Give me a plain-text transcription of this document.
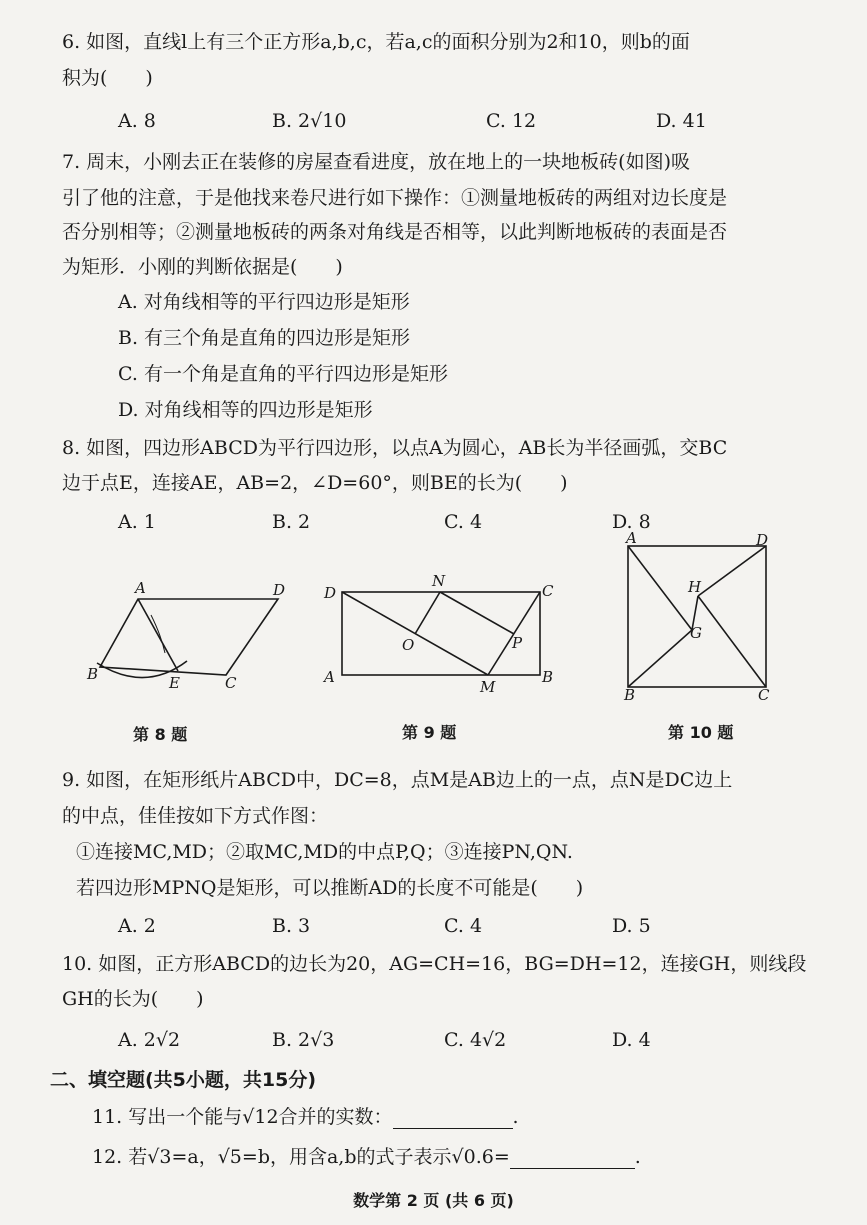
6. 如图，直线l上有三个正方形a,b,c，若a,c的面积分别为2和10，则b的面
积为(　　)
A. 8	B. 2√10	C. 12	D. 41
7. 周末，小刚去正在装修的房屋查看进度，放在地上的一块地板砖(如图)吸
引了他的注意，于是他找来卷尺进行如下操作：①测量地板砖的两组对边长度是
否分别相等；②测量地板砖的两条对角线是否相等，以此判断地板砖的表面是否
为矩形．小刚的判断依据是(　　)
A. 对角线相等的平行四边形是矩形
B. 有三个角是直角的四边形是矩形
C. 有一个角是直角的平行四边形是矩形
D. 对角线相等的四边形是矩形
8. 如图，四边形ABCD为平行四边形，以点A为圆心，AB长为半径画弧，交BC
边于点E，连接AE，AB=2，∠D=60°，则BE的长为(　　)
A. 1	B. 2	C. 4	D. 8
A	D
B	E	C
第 8 题
D
N
C
O	P
A
M
B
第 9 题
A	D
H
G
B	C
第 10 题
9. 如图，在矩形纸片ABCD中，DC=8，点M是AB边上的一点，点N是DC边上
的中点，佳佳按如下方式作图：
①连接MC,MD；②取MC,MD的中点P,Q；③连接PN,QN.
若四边形MPNQ是矩形，可以推断AD的长度不可能是(　　)
A. 2	B. 3	C. 4	D. 5
10. 如图，正方形ABCD的边长为20，AG=CH=16，BG=DH=12，连接GH，则线段
GH的长为(　　)
A. 2√2	B. 2√3	C. 4√2	D. 4
二、填空题(共5小题，共15分)
11. 写出一个能与√12合并的实数：	.
12. 若√3=a，√5=b，用含a,b的式子表示√0.6=	.
数学第 2 页 (共 6 页)
